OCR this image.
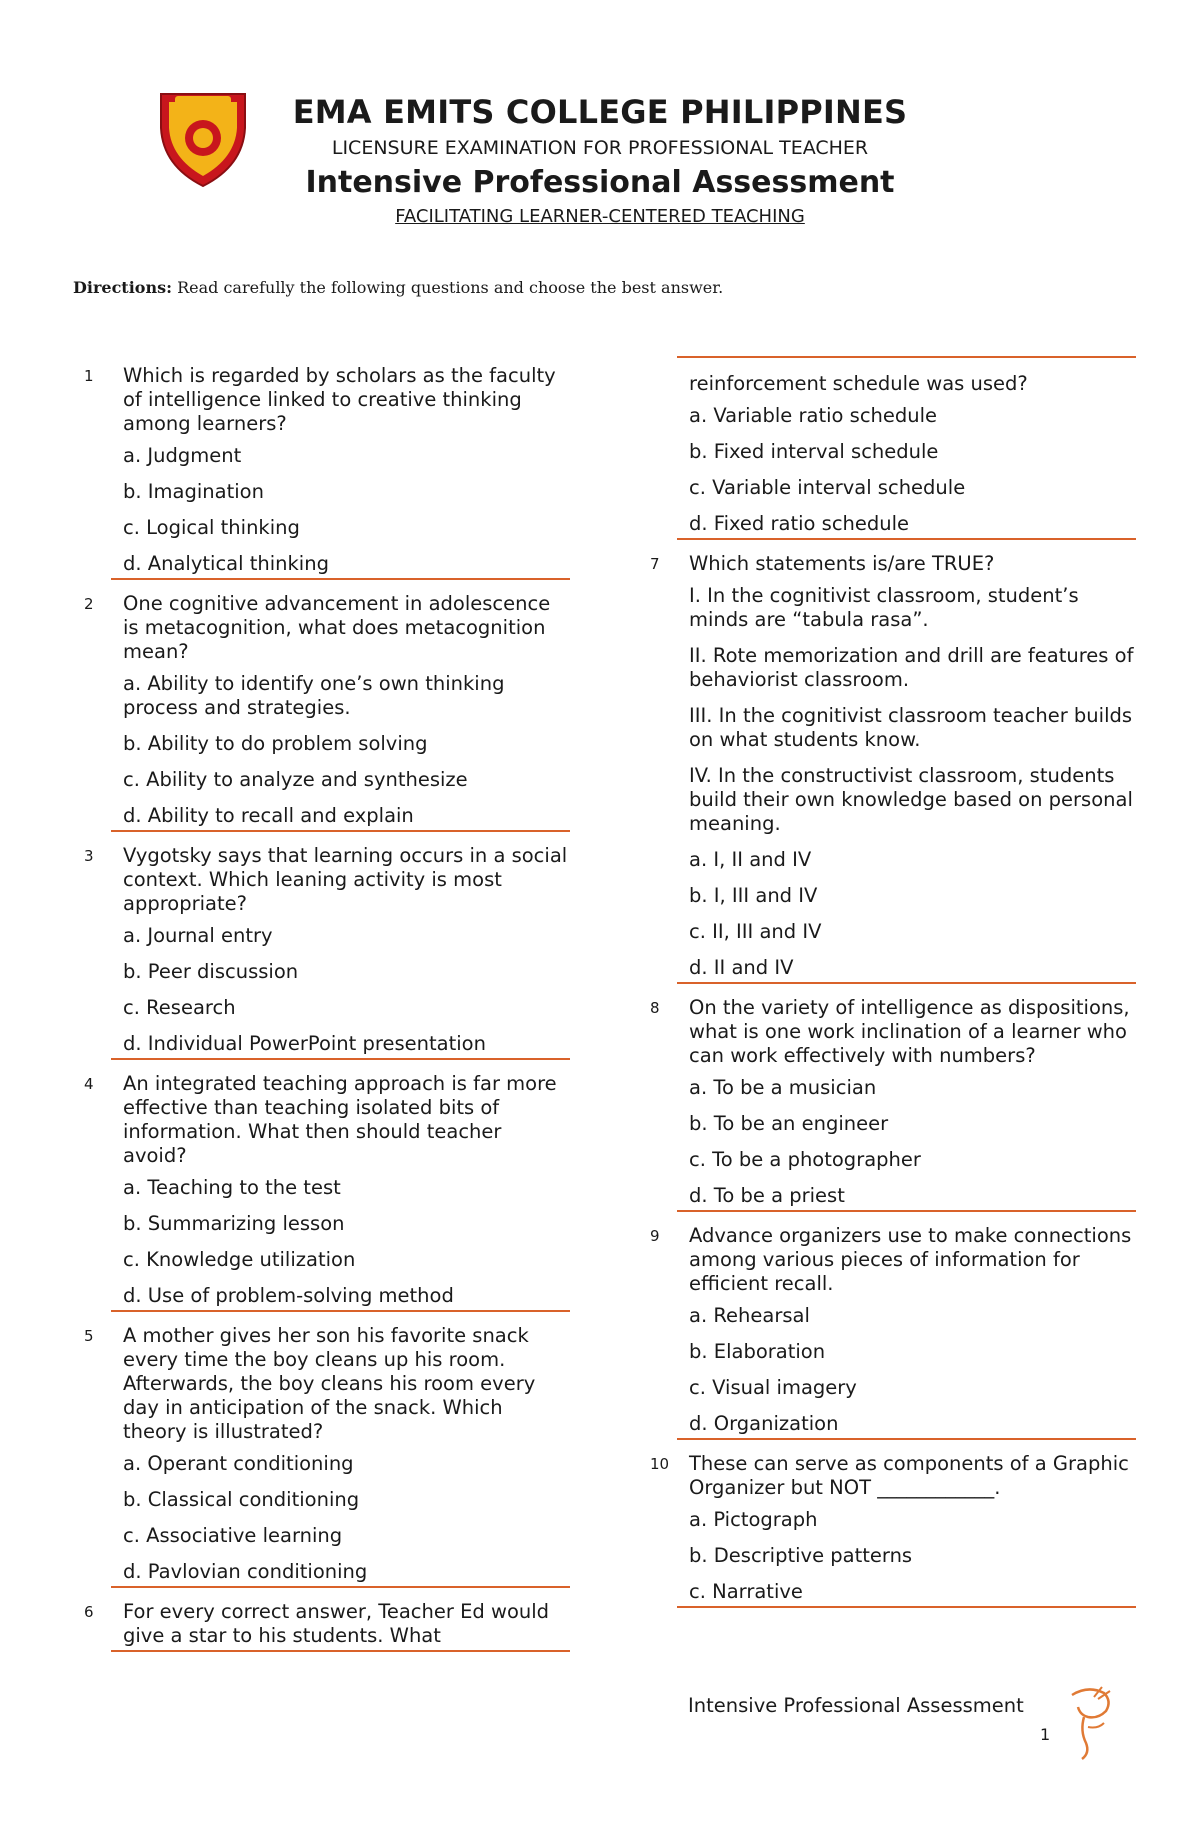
EMA EMITS COLLEGE PHILIPPINES
LICENSURE EXAMINATION FOR PROFESSIONAL TEACHER
Intensive Professional Assessment
FACILITATING LEARNER-CENTERED TEACHING
Directions: Read carefully the following questions and choose the best answer.
1	Which is regarded by scholars as the faculty of intelligence linked to creative thinking among learners?
a. Judgment
b. Imagination
c. Logical thinking
d. Analytical thinking
2	One cognitive advancement in adolescence is metacognition, what does metacognition mean?
a. Ability to identify one’s own thinking process and strategies.
b. Ability to do problem solving
c. Ability to analyze and synthesize
d. Ability to recall and explain
3	Vygotsky says that learning occurs in a social context. Which leaning activity is most appropriate?
a. Journal entry
b. Peer discussion
c. Research
d. Individual PowerPoint presentation
4	An integrated teaching approach is far more effective than teaching isolated bits of information. What then should teacher avoid?
a. Teaching to the test
b. Summarizing lesson
c. Knowledge utilization
d. Use of problem-solving method
5	A mother gives her son his favorite snack every time the boy cleans up his room. Afterwards, the boy cleans his room every day in anticipation of the snack. Which theory is illustrated?
a. Operant conditioning
b. Classical conditioning
c. Associative learning
d. Pavlovian conditioning
6	For every correct answer, Teacher Ed would give a star to his students. What
reinforcement schedule was used?
a. Variable ratio schedule
b. Fixed interval schedule
c. Variable interval schedule
d. Fixed ratio schedule
7	Which statements is/are TRUE?
I. In the cognitivist classroom, student’s minds are “tabula rasa”.
II. Rote memorization and drill are features of behaviorist classroom.
III. In the cognitivist classroom teacher builds on what students know.
IV. In the constructivist classroom, students build their own knowledge based on personal meaning.
a. I, II and IV
b. I, III and IV
c. II, III and IV
d. II and IV
8	On the variety of intelligence as dispositions, what is one work inclination of a learner who can work effectively with numbers?
a. To be a musician
b. To be an engineer
c. To be a photographer
d. To be a priest
9	Advance organizers use to make connections among various pieces of information for efficient recall.
a. Rehearsal
b. Elaboration
c. Visual imagery
d. Organization
10 These can serve as components of a Graphic Organizer but NOT ____________.
a. Pictograph
b. Descriptive patterns
c. Narrative
Intensive Professional Assessment
1
